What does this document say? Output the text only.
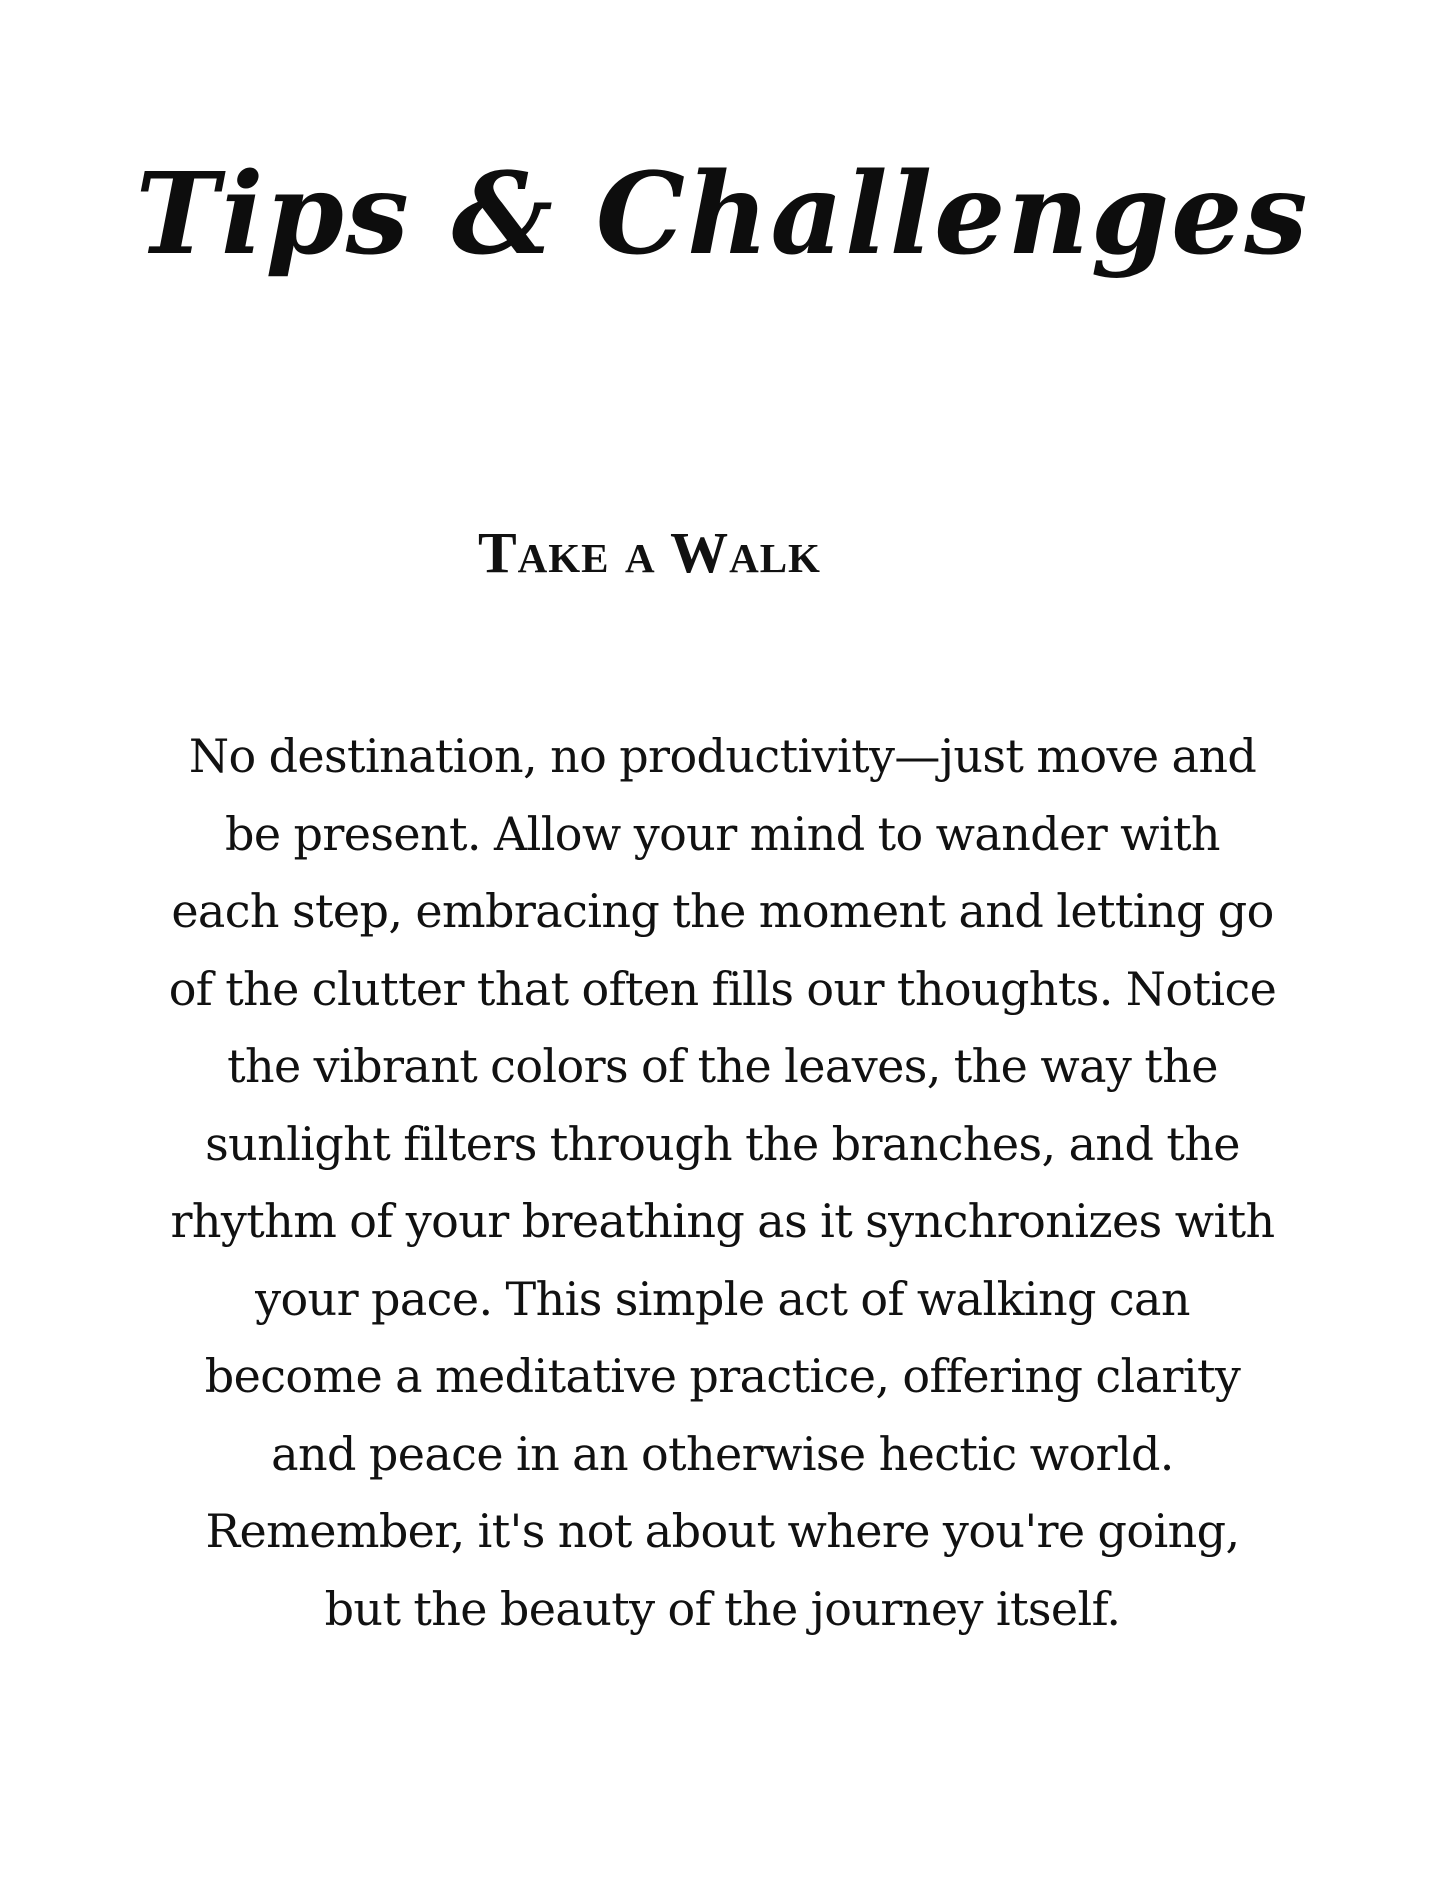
Tips & Challenges
Take a Walk

No destination, no productivity—just move and
be present. Allow your mind to wander with
each step, embracing the moment and letting go
of the clutter that often fills our thoughts. Notice
the vibrant colors of the leaves, the way the
sunlight filters through the branches, and the
rhythm of your breathing as it synchronizes with
your pace. This simple act of walking can
become a meditative practice, offering clarity
and peace in an otherwise hectic world.
Remember, it's not about where you're going,
but the beauty of the journey itself.
